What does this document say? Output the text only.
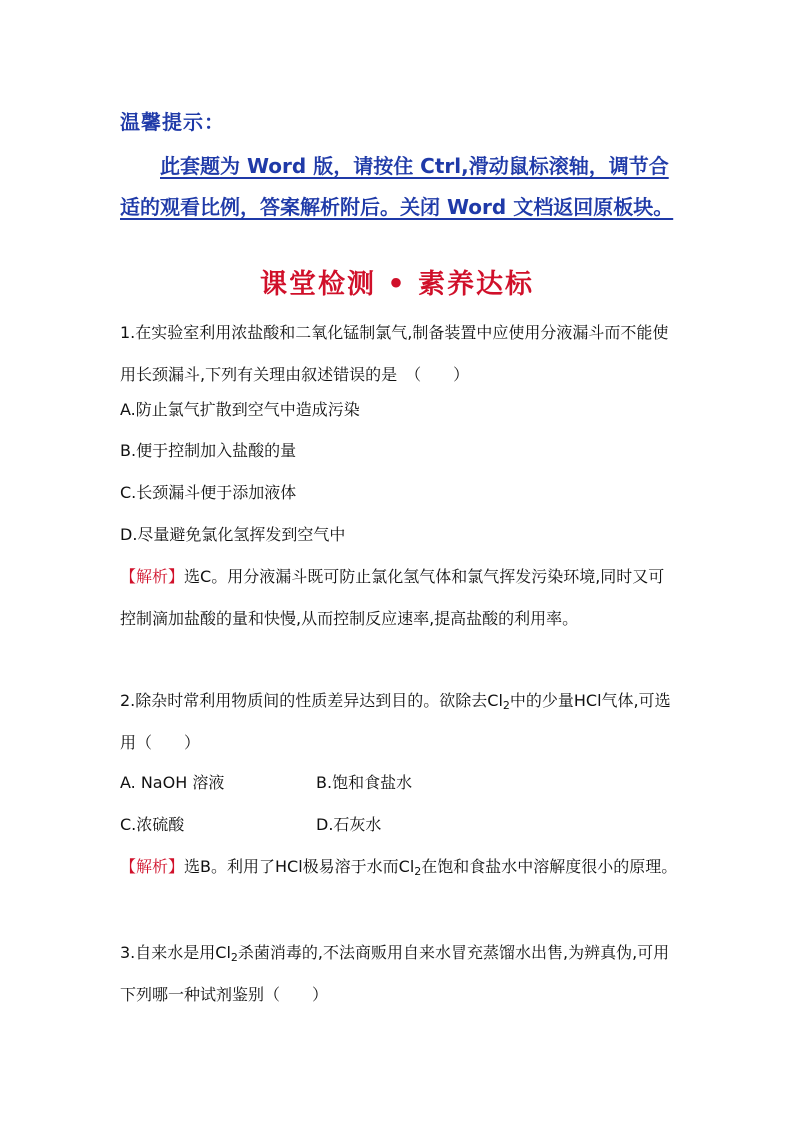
温馨提示：
此套题为 Word 版，请按住 Ctrl,滑动鼠标滚轴，调节合适的观看比例，答案解析附后。关闭 Word 文档返回原板块。
课堂检测 • 素养达标
1.在实验室利用浓盐酸和二氧化锰制氯气,制备装置中应使用分液漏斗而不能使用长颈漏斗,下列有关理由叙述错误的是　（　　）
A.防止氯气扩散到空气中造成污染
B.便于控制加入盐酸的量
C.长颈漏斗便于添加液体
D.尽量避免氯化氢挥发到空气中
【解析】选C。用分液漏斗既可防止氯化氢气体和氯气挥发污染环境,同时又可控制滴加盐酸的量和快慢,从而控制反应速率,提高盐酸的利用率。
2.除杂时常利用物质间的性质差异达到目的。欲除去$Cl_2$中的少量HCl气体,可选用（　　）
A. NaOH 溶液	B.饱和食盐水
C.浓硫酸	D.石灰水
【解析】选B。利用了HCl极易溶于水而$Cl_2$在饱和食盐水中溶解度很小的原理。
3.自来水是用$Cl_2$杀菌消毒的,不法商贩用自来水冒充蒸馏水出售,为辨真伪,可用下列哪一种试剂鉴别（　　）
